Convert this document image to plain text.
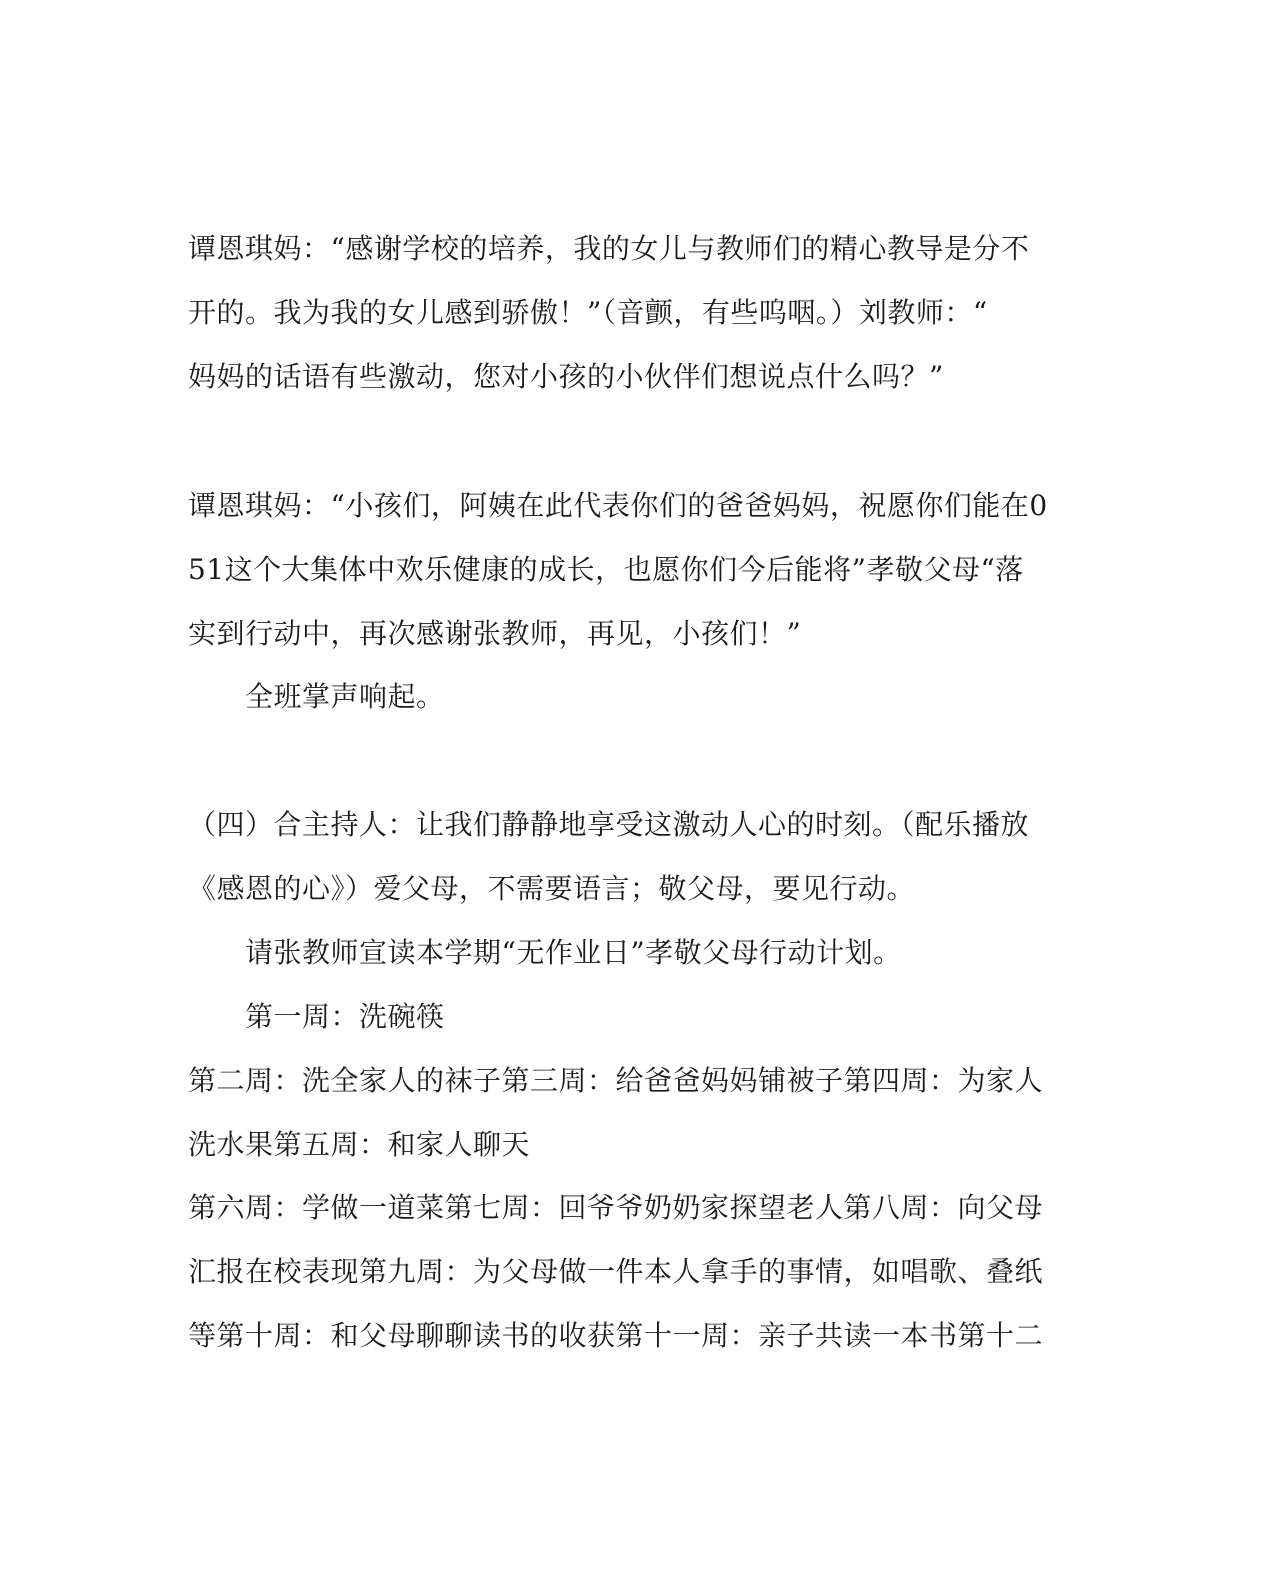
谭恩琪妈：“感谢学校的培养，我的女儿与教师们的精心教导是分不
开的。我为我的女儿感到骄傲！”（音颤，有些呜咽。）刘教师：“
妈妈的话语有些激动，您对小孩的小伙伴们想说点什么吗？”
谭恩琪妈：“小孩们，阿姨在此代表你们的爸爸妈妈，祝愿你们能在0
51这个大集体中欢乐健康的成长，也愿你们今后能将”孝敬父母“落
实到行动中，再次感谢张教师，再见，小孩们！”
全班掌声响起。
（四）合主持人：让我们静静地享受这激动人心的时刻。（配乐播放
《感恩的心》）爱父母，不需要语言；敬父母，要见行动。
请张教师宣读本学期“无作业日”孝敬父母行动计划。
第一周：洗碗筷
第二周：洗全家人的袜子第三周：给爸爸妈妈铺被子第四周：为家人
洗水果第五周：和家人聊天
第六周：学做一道菜第七周：回爷爷奶奶家探望老人第八周：向父母
汇报在校表现第九周：为父母做一件本人拿手的事情，如唱歌、叠纸
等第十周：和父母聊聊读书的收获第十一周：亲子共读一本书第十二
